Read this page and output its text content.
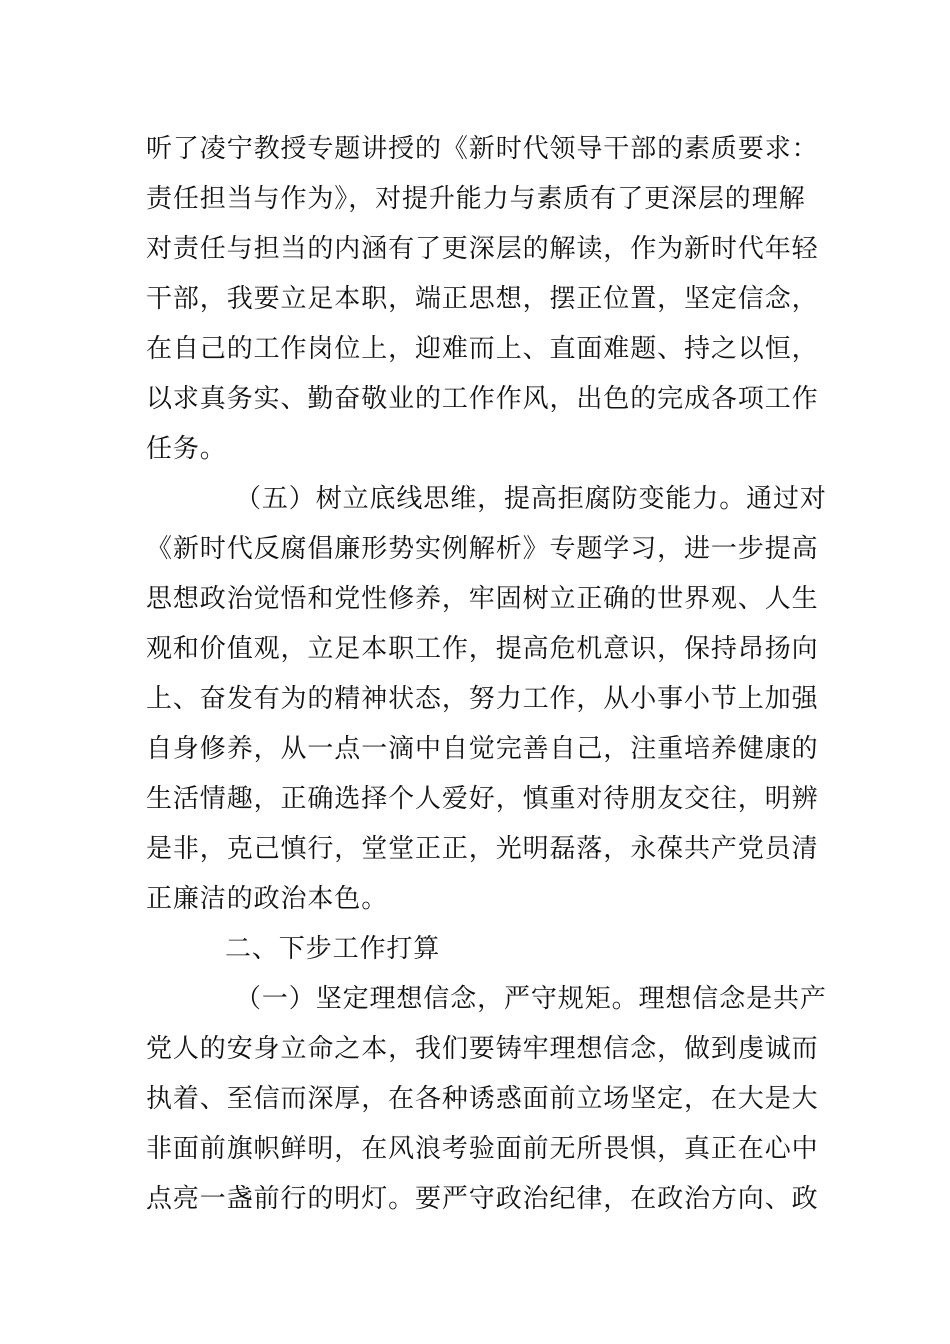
听了凌宁教授专题讲授的《新时代领导干部的素质要求：
责任担当与作为》，对提升能力与素质有了更深层的理解
对责任与担当的内涵有了更深层的解读，作为新时代年轻
干部，我要立足本职，端正思想，摆正位置，坚定信念，
在自己的工作岗位上，迎难而上、直面难题、持之以恒，
以求真务实、勤奋敬业的工作作风，出色的完成各项工作
任务。
（五）树立底线思维，提高拒腐防变能力。通过对
《新时代反腐倡廉形势实例解析》专题学习，进一步提高
思想政治觉悟和党性修养，牢固树立正确的世界观、人生
观和价值观，立足本职工作，提高危机意识，保持昂扬向
上、奋发有为的精神状态，努力工作，从小事小节上加强
自身修养，从一点一滴中自觉完善自己，注重培养健康的
生活情趣，正确选择个人爱好，慎重对待朋友交往，明辨
是非，克己慎行，堂堂正正，光明磊落，永葆共产党员清
正廉洁的政治本色。
二、下步工作打算
（一）坚定理想信念，严守规矩。理想信念是共产
党人的安身立命之本，我们要铸牢理想信念，做到虔诚而
执着、至信而深厚，在各种诱惑面前立场坚定，在大是大
非面前旗帜鲜明，在风浪考验面前无所畏惧，真正在心中
点亮一盏前行的明灯。要严守政治纪律，在政治方向、政
